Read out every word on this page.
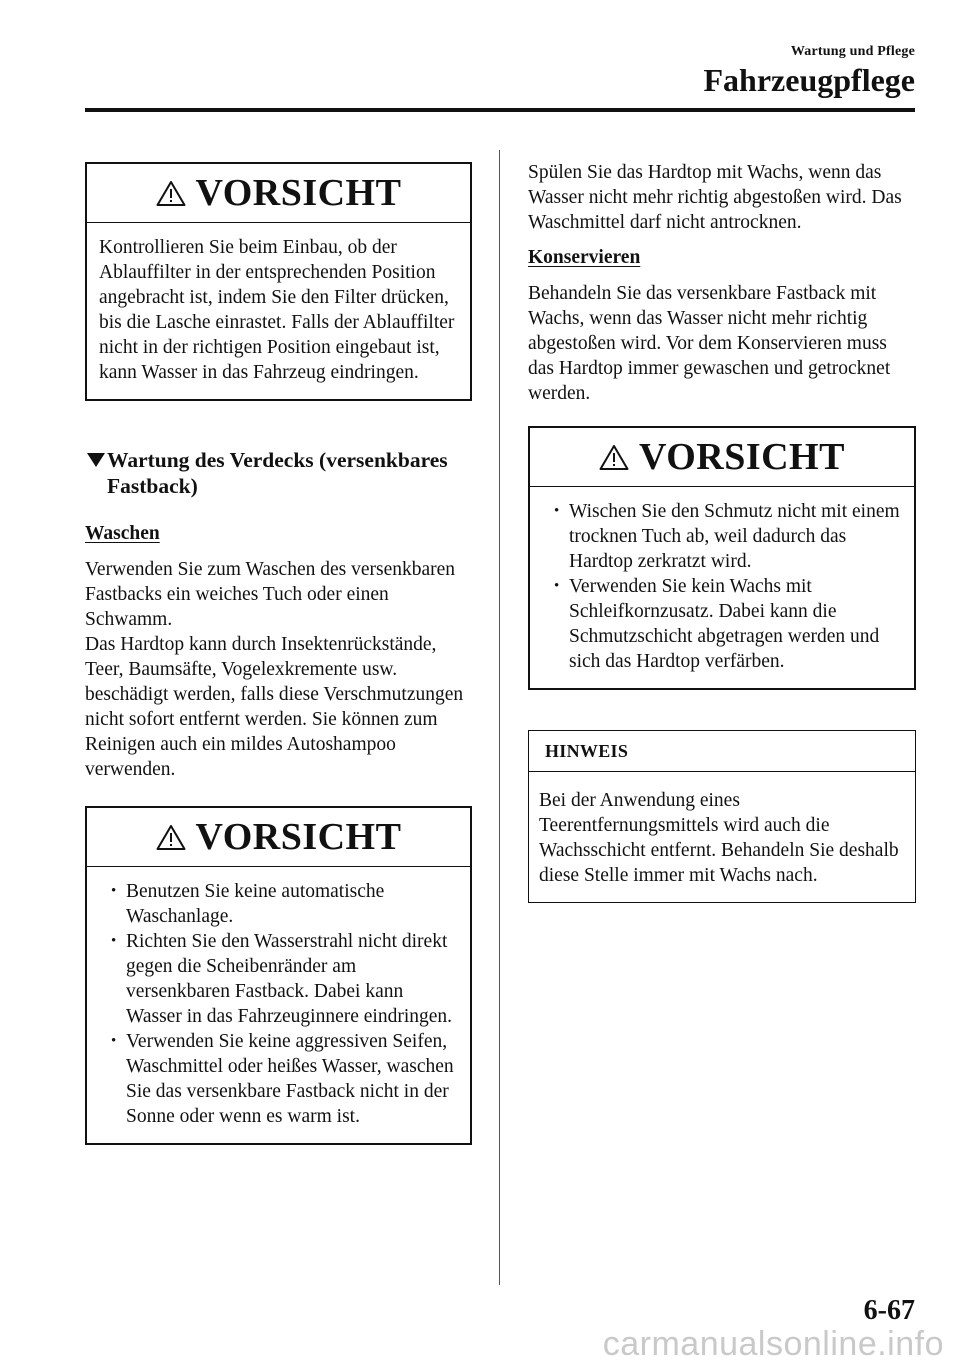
Wartung und Pflege
Fahrzeugpflege
VORSICHT
Kontrollieren Sie beim Einbau, ob der Ablauffilter in der entsprechenden Position angebracht ist, indem Sie den Filter drücken, bis die Lasche einrastet. Falls der Ablauffilter nicht in der richtigen Position eingebaut ist, kann Wasser in das Fahrzeug eindringen.
Wartung des Verdecks (versenkbares Fastback)

Waschen

Verwenden Sie zum Waschen des versenkbaren Fastbacks ein weiches Tuch oder einen Schwamm.

Das Hardtop kann durch Insektenrückstände, Teer, Baumsäfte, Vogelexkremente usw. beschädigt werden, falls diese Verschmutzungen nicht sofort entfernt werden. Sie können zum Reinigen auch ein mildes Autoshampoo verwenden.

VORSICHT
• Benutzen Sie keine automatische Waschanlage.
• Richten Sie den Wasserstrahl nicht direkt gegen die Scheibenränder am versenkbaren Fastback. Dabei kann Wasser in das Fahrzeuginnere eindringen.
• Verwenden Sie keine aggressiven Seifen, Waschmittel oder heißes Wasser, waschen Sie das versenkbare Fastback nicht in der Sonne oder wenn es warm ist.

Spülen Sie das Hardtop mit Wachs, wenn das Wasser nicht mehr richtig abgestoßen wird. Das Waschmittel darf nicht antrocknen.

Konservieren

Behandeln Sie das versenkbare Fastback mit Wachs, wenn das Wasser nicht mehr richtig abgestoßen wird. Vor dem Konservieren muss das Hardtop immer gewaschen und getrocknet werden.

VORSICHT
• Wischen Sie den Schmutz nicht mit einem trocknen Tuch ab, weil dadurch das Hardtop zerkratzt wird.
• Verwenden Sie kein Wachs mit Schleifkornzusatz. Dabei kann die Schmutzschicht abgetragen werden und sich das Hardtop verfärben.
HINWEIS
Bei der Anwendung eines Teerentfernungsmittels wird auch die Wachsschicht entfernt. Behandeln Sie deshalb diese Stelle immer mit Wachs nach.
6-67
carmanualsonline.info
